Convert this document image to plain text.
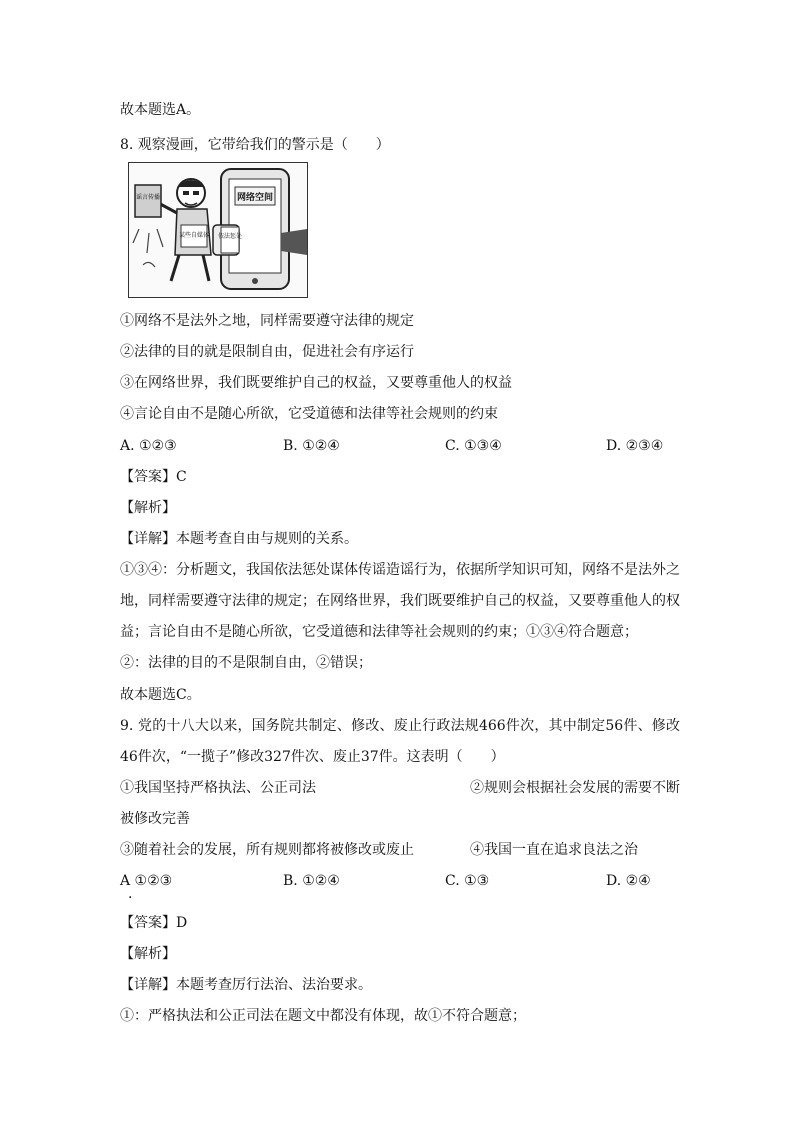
故本题选A。
8. 观察漫画，它带给我们的警示是（　　）
网络空间
依法惩处
某些自媒体
谣言传播
①网络不是法外之地，同样需要遵守法律的规定
②法律的目的就是限制自由，促进社会有序运行
③在网络世界，我们既要维护自己的权益，又要尊重他人的权益
④言论自由不是随心所欲，它受道德和法律等社会规则的约束
A. ①②③	B. ①②④	C. ①③④	D. ②③④
【答案】C
【解析】
【详解】本题考查自由与规则的关系。
①③④：分析题文，我国依法惩处谋体传谣造谣行为，依据所学知识可知，网络不是法外之地，同样需要遵守法律的规定；在网络世界，我们既要维护自己的权益，又要尊重他人的权益；言论自由不是随心所欲，它受道德和法律等社会规则的约束；①③④符合题意；
②：法律的目的不是限制自由，②错误；
故本题选C。
9. 党的十八大以来，国务院共制定、修改、废止行政法规466件次，其中制定56件、修改46件次，“一揽子”修改327件次、废止37件。这表明（　　）
①我国坚持严格执法、公正司法	②规则会根据社会发展的需要不断被修改完善
③随着社会的发展，所有规则都将被修改或废止	④我国一直在追求良法之治
A ①②③	B. ①②④	C. ①③	D. ②④
·
【答案】D
【解析】
【详解】本题考查厉行法治、法治要求。
①：严格执法和公正司法在题文中都没有体现，故①不符合题意；
